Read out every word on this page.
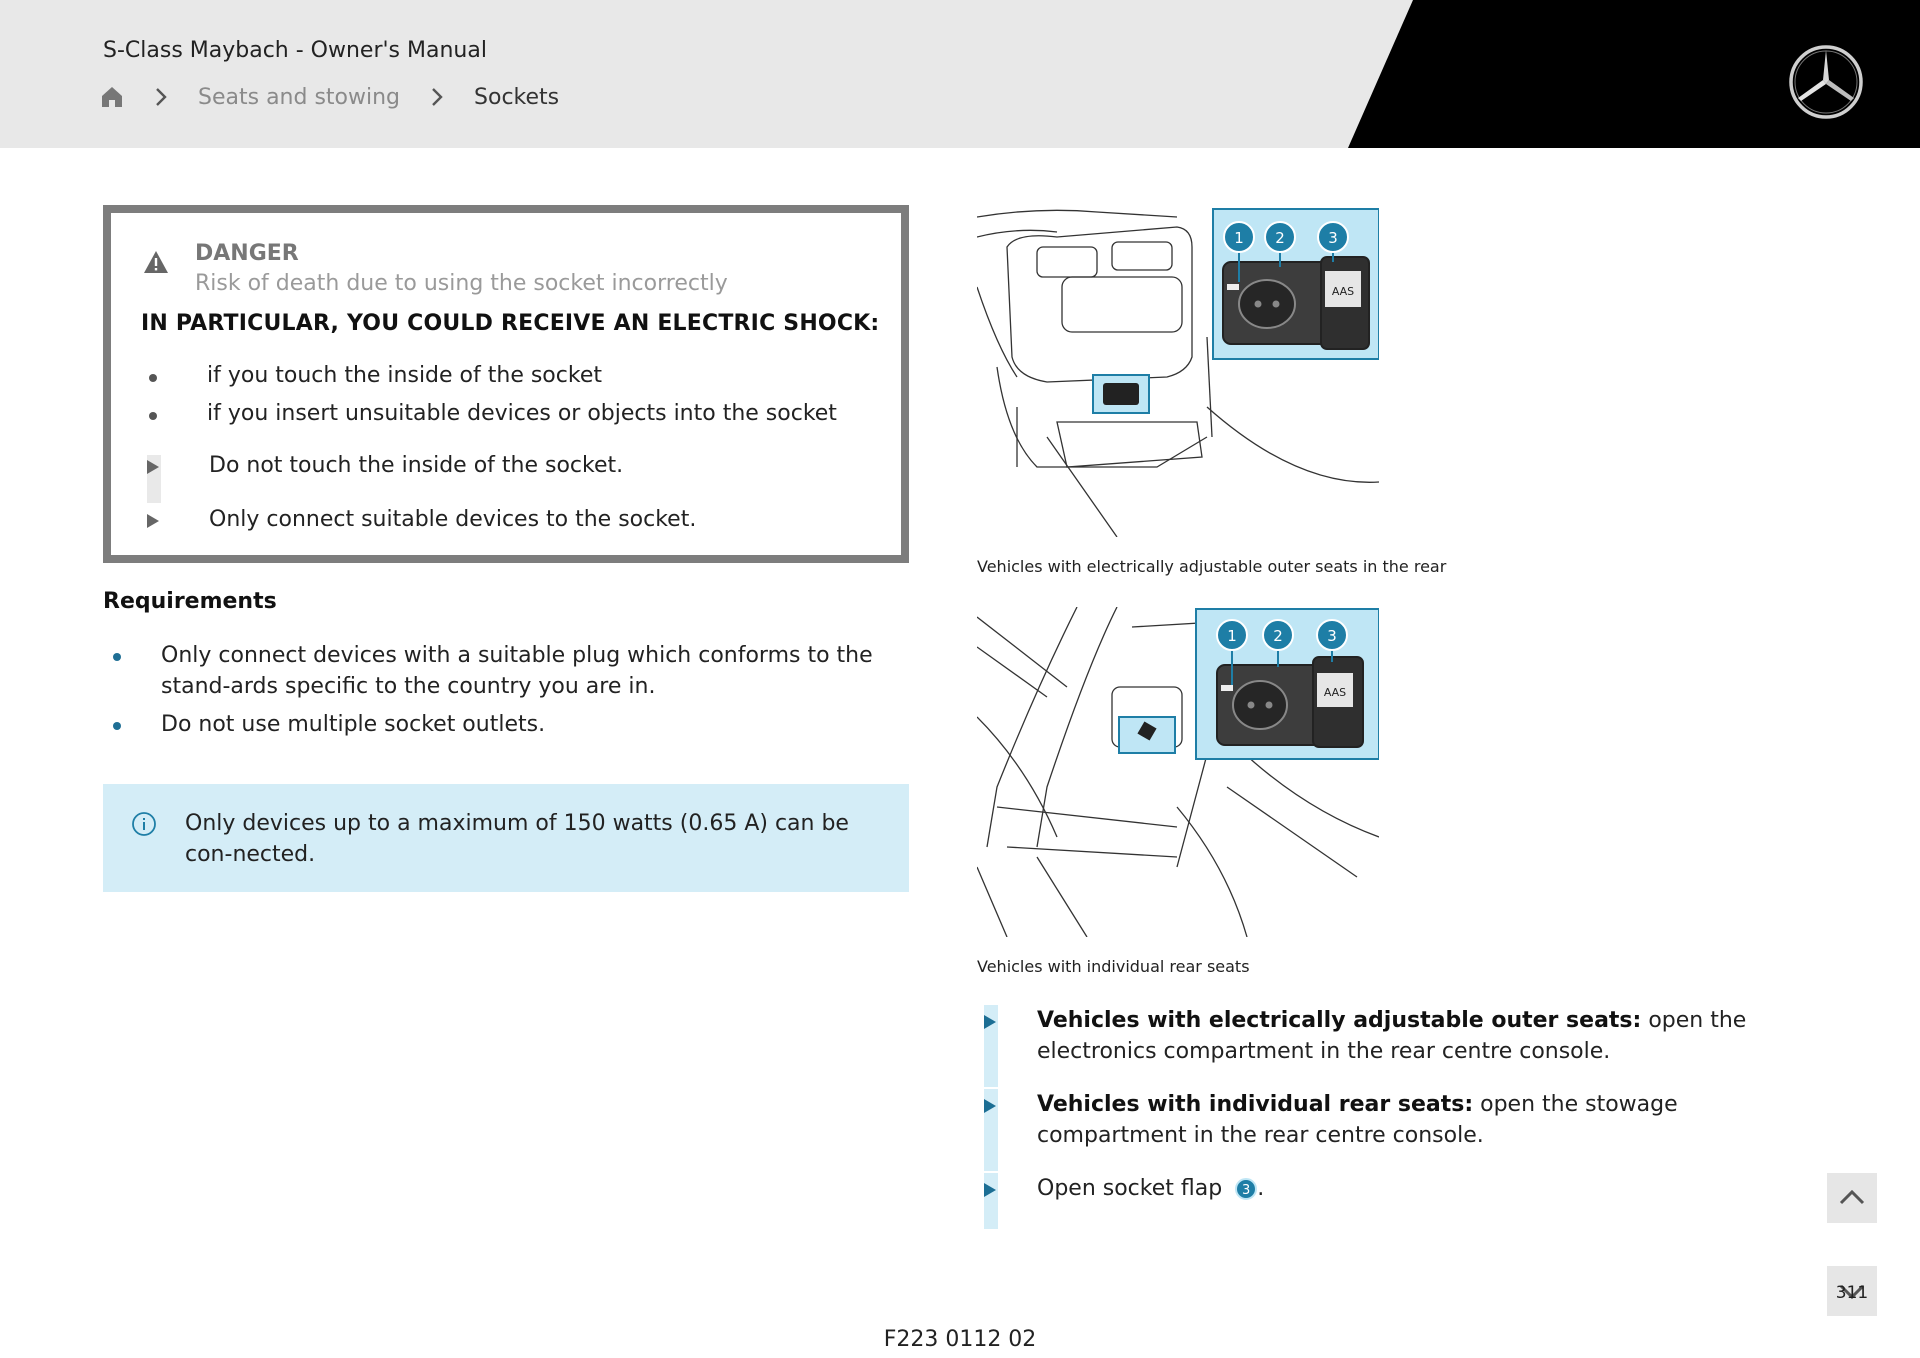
S-Class Maybach - Owner's Manual
Seats and stowing	Sockets
DANGER
Risk of death due to using the socket incorrectly
IN PARTICULAR, YOU COULD RECEIVE AN ELECTRIC SHOCK:
if you touch the inside of the socket
if you insert unsuitable devices or objects into the socket
Do not touch the inside of the socket.
Only connect suitable devices to the socket.
Requirements
Only connect devices with a suitable plug which conforms to the stand-ards specific to the country you are in.
Do not use multiple socket outlets.
Only devices up to a maximum of 150 watts (0.65 A) can be con-nected.
AAS
1 2	3
Vehicles with electrically adjustable outer seats in the rear
AAS
1 2	3
Vehicles with individual rear seats
Vehicles with electrically adjustable outer seats: open the electronics compartment in the rear centre console.
Vehicles with individual rear seats: open the stowage compartment in the rear centre console.
Open socket flap 3 .
311
F223 0112 02
